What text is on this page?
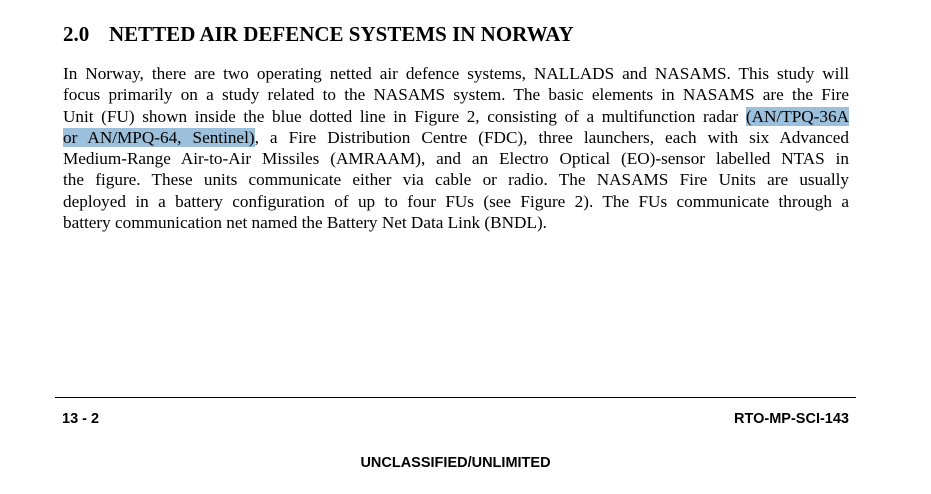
2.0 NETTED AIR DEFENCE SYSTEMS IN NORWAY
In Norway, there are two operating netted air defence systems, NALLADS and NASAMS. This study will
focus primarily on a study related to the NASAMS system. The basic elements in NASAMS are the Fire
Unit (FU) shown inside the blue dotted line in Figure 2, consisting of a multifunction radar (AN/TPQ-36A
or AN/MPQ-64, Sentinel), a Fire Distribution Centre (FDC), three launchers, each with six Advanced
Medium-Range Air-to-Air Missiles (AMRAAM), and an Electro Optical (EO)-sensor labelled NTAS in
the figure. These units communicate either via cable or radio. The NASAMS Fire Units are usually
deployed in a battery configuration of up to four FUs (see Figure 2). The FUs communicate through a
battery communication net named the Battery Net Data Link (BNDL).
13 - 2	RTO-MP-SCI-143
UNCLASSIFIED/UNLIMITED
